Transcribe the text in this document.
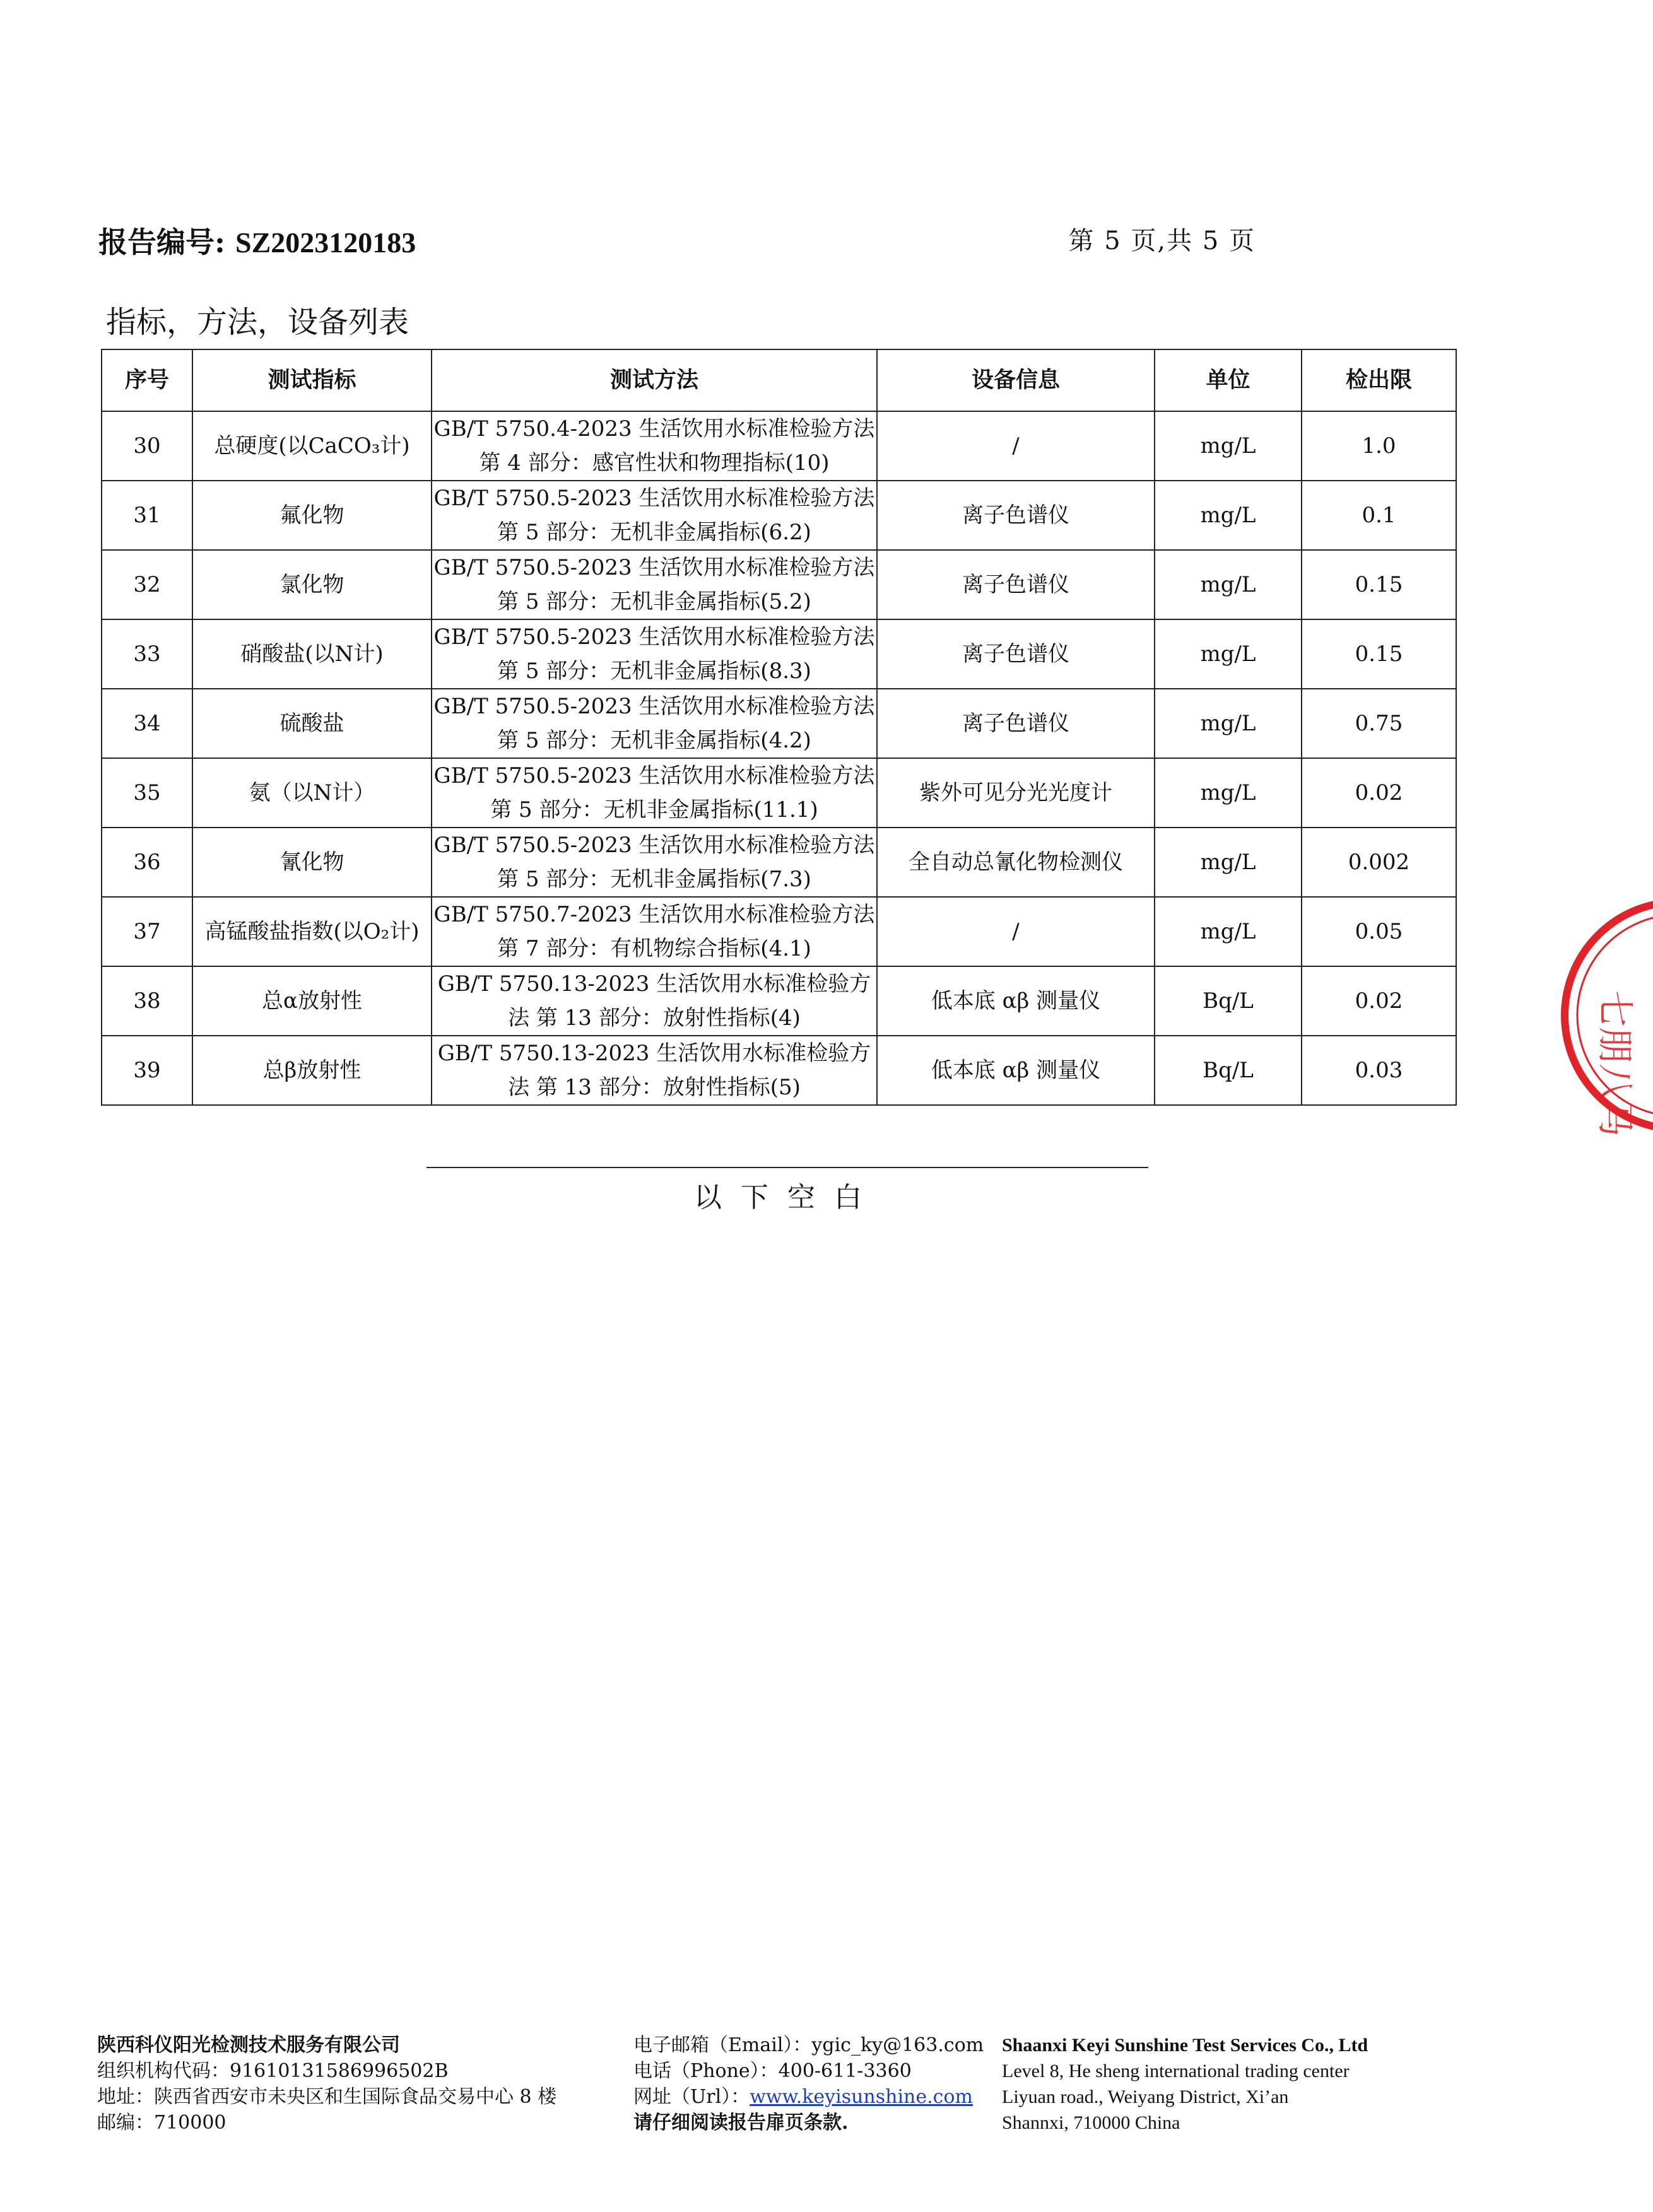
报告编号: SZ2023120183	第 5 页,共 5 页
指标，方法，设备列表
序号	测试指标	测试方法	设备信息	单位	检出限
30	总硬度(以CaCO₃计)	GB/T 5750.4-2023 生活饮用水标准检验方法
第 4 部分：感官性状和物理指标(10)	/	mg/L	1.0
31	氟化物	GB/T 5750.5-2023 生活饮用水标准检验方法
第 5 部分：无机非金属指标(6.2)	离子色谱仪	mg/L	0.1
32	氯化物	GB/T 5750.5-2023 生活饮用水标准检验方法
第 5 部分：无机非金属指标(5.2)	离子色谱仪	mg/L	0.15
33	硝酸盐(以N计)	GB/T 5750.5-2023 生活饮用水标准检验方法
第 5 部分：无机非金属指标(8.3)	离子色谱仪	mg/L	0.15
34	硫酸盐	GB/T 5750.5-2023 生活饮用水标准检验方法
第 5 部分：无机非金属指标(4.2)	离子色谱仪	mg/L	0.75
35	氨（以N计）	GB/T 5750.5-2023 生活饮用水标准检验方法
第 5 部分：无机非金属指标(11.1)	紫外可见分光光度计	mg/L	0.02
36	氰化物	GB/T 5750.5-2023 生活饮用水标准检验方法
第 5 部分：无机非金属指标(7.3)	全自动总氰化物检测仪	mg/L	0.002
37	高锰酸盐指数(以O₂计)	GB/T 5750.7-2023 生活饮用水标准检验方法
第 7 部分：有机物综合指标(4.1)	/	mg/L	0.05
38	总α放射性	GB/T 5750.13-2023 生活饮用水标准检验方
法 第 13 部分：放射性指标(4)	低本底 αβ 测量仪	Bq/L	0.02
39	总β放射性	GB/T 5750.13-2023 生活饮用水标准检验方
法 第 13 部分：放射性指标(5)	低本底 αβ 测量仪	Bq/L	0.03
以下空白
七朋八马
陕西科仪阳光检测技术服务有限公司
组织机构代码：91610131586996502B
地址：陕西省西安市未央区和生国际食品交易中心 8 楼
邮编：710000
电子邮箱（Email）：ygic_ky@163.com
电话（Phone）：400-611-3360
网址（Url）：www.keyisunshine.com
请仔细阅读报告扉页条款.
Shaanxi Keyi Sunshine Test Services Co., Ltd
Level 8, He sheng international trading center
Liyuan road., Weiyang District, Xi’an
Shannxi, 710000 China
